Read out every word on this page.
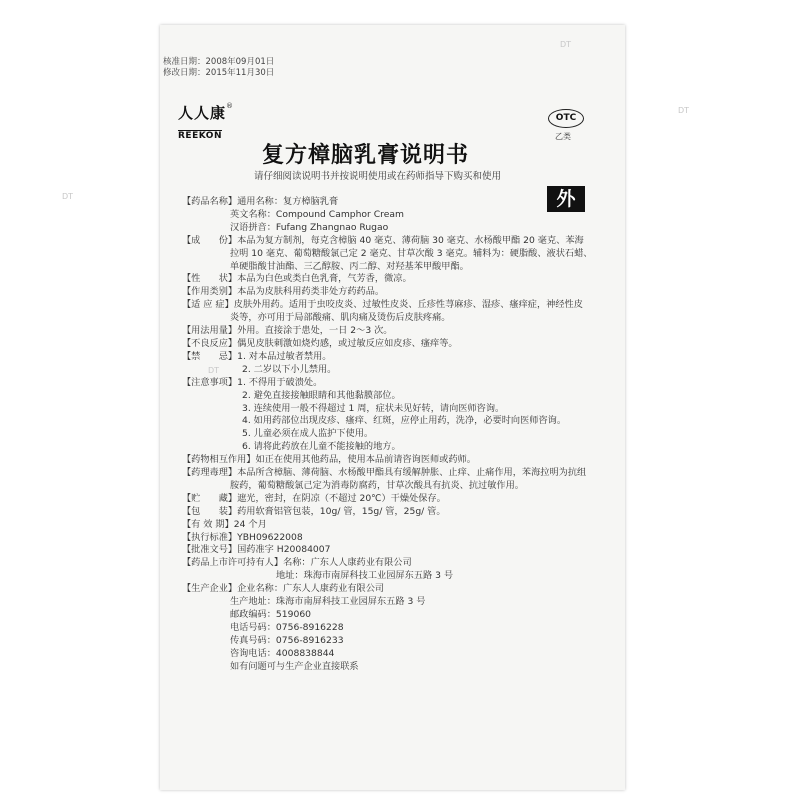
DT
DT
DT
DT
核准日期：2008年09月01日
修改日期：2015年11月30日
人人康®
REEKON
OTC
乙类
复方樟脑乳膏说明书
请仔细阅读说明书并按说明使用或在药师指导下购买和使用
外
【药品名称】通用名称：复方樟脑乳膏
英文名称：Compound Camphor Cream
汉语拼音：Fufang Zhangnao Rugao
【成　　份】本品为复方制剂，每克含樟脑 40 毫克、薄荷脑 30 毫克、水杨酸甲酯 20 毫克、苯海
拉明 10 毫克、葡萄糖酸氯己定 2 毫克、甘草次酸 3 毫克。辅料为：硬脂酸、液状石蜡、
单硬脂酸甘油酯、三乙醇胺、丙二醇、对羟基苯甲酸甲酯。
【性　　状】本品为白色或类白色乳膏，气芳香，微凉。
【作用类别】本品为皮肤科用药类非处方药药品。
【适 应 症】皮肤外用药。适用于虫咬皮炎、过敏性皮炎、丘疹性荨麻疹、湿疹、瘙痒症，神经性皮
炎等，亦可用于局部酸痛、肌肉痛及烫伤后皮肤疼痛。
【用法用量】外用。直接涂于患处，一日 2～3 次。
【不良反应】偶见皮肤刺激如烧灼感，或过敏反应如皮疹、瘙痒等。
【禁　　忌】1. 对本品过敏者禁用。
2. 二岁以下小儿禁用。
【注意事项】1. 不得用于破溃处。
2. 避免直接接触眼睛和其他黏膜部位。
3. 连续使用一般不得超过 1 周，症状未见好转，请向医师咨询。
4. 如用药部位出现皮疹、瘙痒、红斑，应停止用药，洗净，必要时向医师咨询。
5. 儿童必须在成人监护下使用。
6. 请将此药放在儿童不能接触的地方。
【药物相互作用】如正在使用其他药品，使用本品前请咨询医师或药师。
【药理毒理】本品所含樟脑、薄荷脑、水杨酸甲酯具有缓解肿胀、止痒、止痛作用，苯海拉明为抗组
胺药，葡萄糖酸氯己定为消毒防腐药，甘草次酸具有抗炎、抗过敏作用。
【贮　　藏】遮光，密封，在阴凉（不超过 20℃）干燥处保存。
【包　　装】药用软膏铝管包装，10g/ 管，15g/ 管，25g/ 管。
【有 效 期】24 个月
【执行标准】YBH09622008
【批准文号】国药准字 H20084007
【药品上市许可持有人】名称：广东人人康药业有限公司
地址：珠海市南屏科技工业园屏东五路 3 号
【生产企业】企业名称：广东人人康药业有限公司
生产地址：珠海市南屏科技工业园屏东五路 3 号
邮政编码：519060
电话号码：0756-8916228
传真号码：0756-8916233
咨询电话：4008838844
如有问题可与生产企业直接联系
